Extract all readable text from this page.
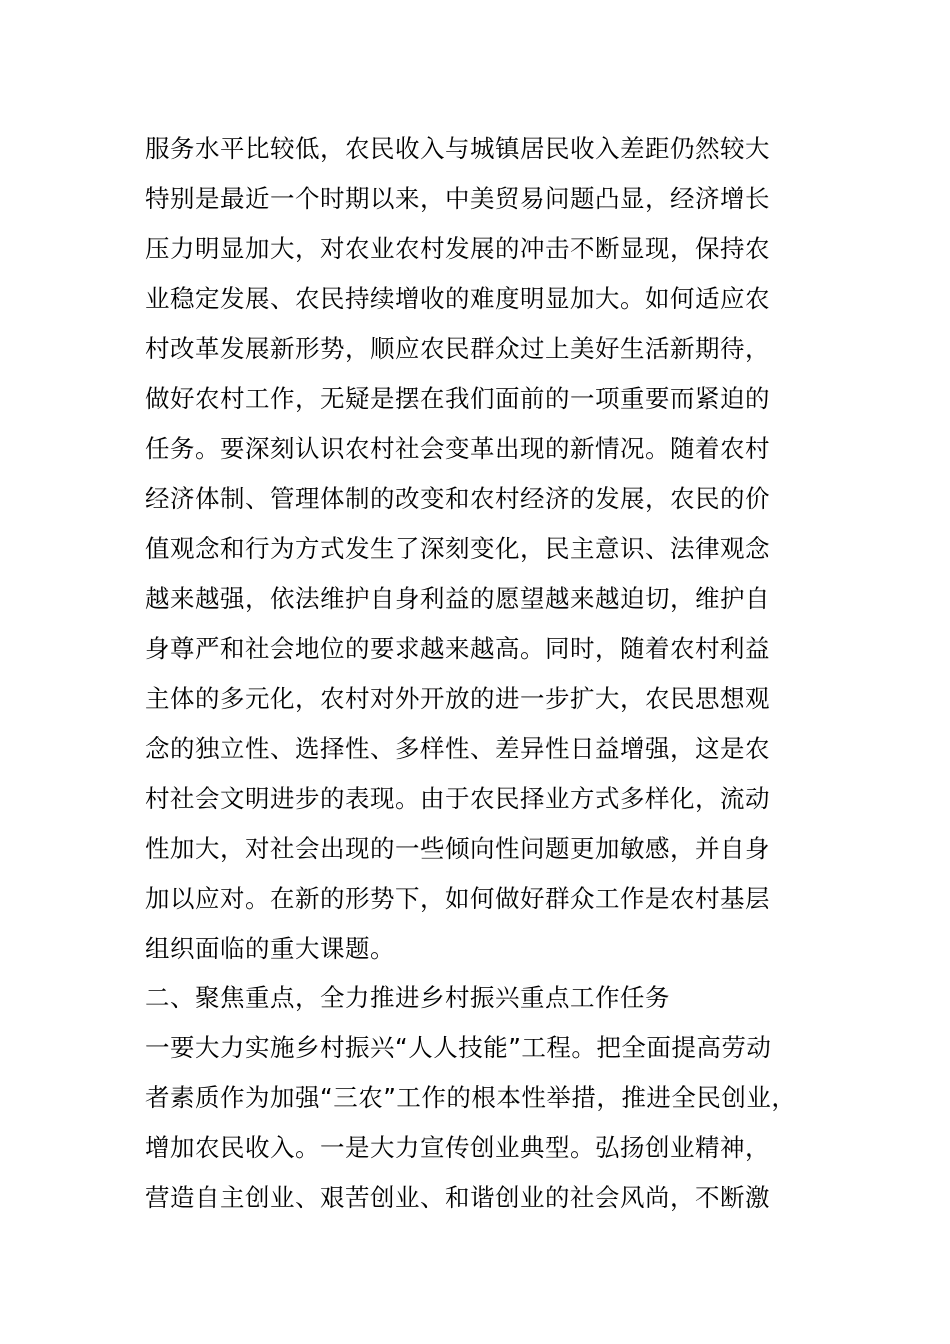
服务水平比较低，农民收入与城镇居民收入差距仍然较大
特别是最近一个时期以来，中美贸易问题凸显，经济增长
压力明显加大，对农业农村发展的冲击不断显现，保持农
业稳定发展、农民持续增收的难度明显加大。如何适应农
村改革发展新形势，顺应农民群众过上美好生活新期待，
做好农村工作，无疑是摆在我们面前的一项重要而紧迫的
任务。要深刻认识农村社会变革出现的新情况。随着农村
经济体制、管理体制的改变和农村经济的发展，农民的价
值观念和行为方式发生了深刻变化，民主意识、法律观念
越来越强，依法维护自身利益的愿望越来越迫切，维护自
身尊严和社会地位的要求越来越高。同时，随着农村利益
主体的多元化，农村对外开放的进一步扩大，农民思想观
念的独立性、选择性、多样性、差异性日益增强，这是农
村社会文明进步的表现。由于农民择业方式多样化，流动
性加大，对社会出现的一些倾向性问题更加敏感，并自身
加以应对。在新的形势下，如何做好群众工作是农村基层
组织面临的重大课题。
二、聚焦重点，全力推进乡村振兴重点工作任务
一要大力实施乡村振兴“人人技能”工程。把全面提高劳动
者素质作为加强“三农”工作的根本性举措，推进全民创业，
增加农民收入。一是大力宣传创业典型。弘扬创业精神，
营造自主创业、艰苦创业、和谐创业的社会风尚，不断激
